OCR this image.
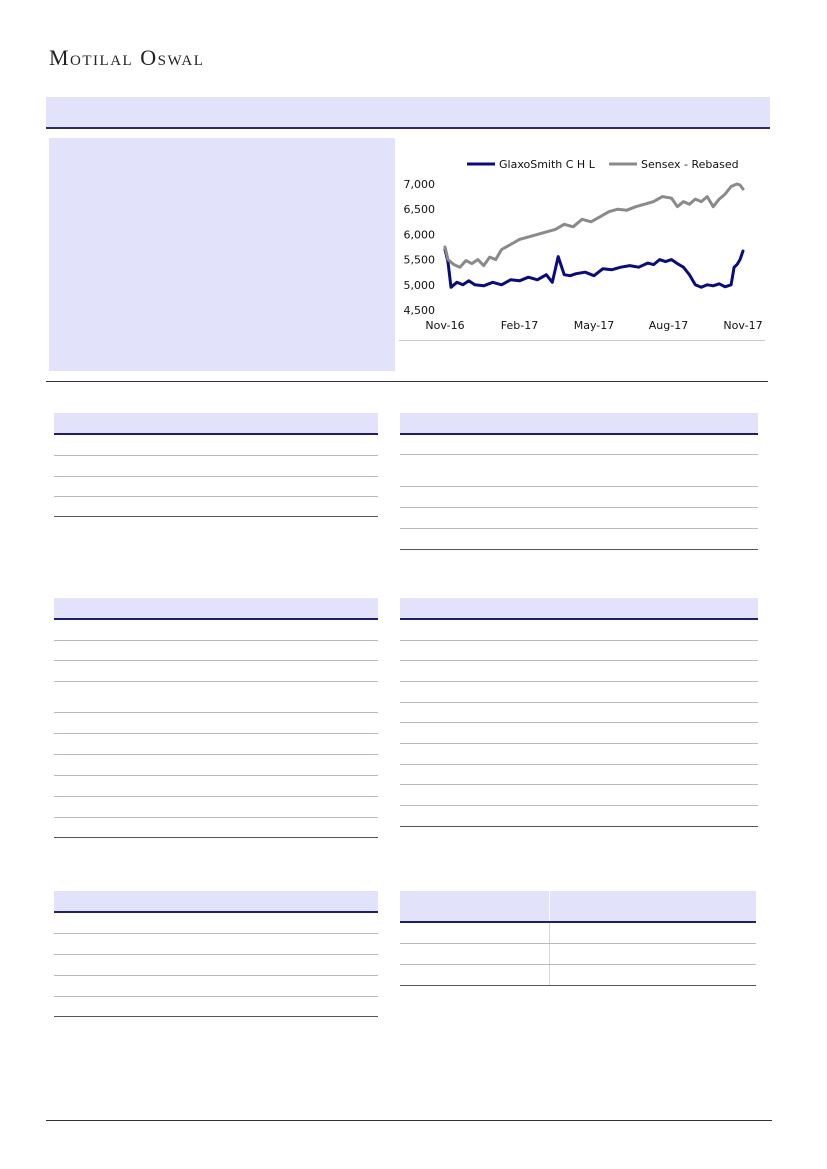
Motilal Oswal
4,500
5,000
5,500
6,000
6,500
7,000
Nov-16	Feb-17	May-17	Aug-17	Nov-17
GlaxoSmith C H L	Sensex - Rebased
